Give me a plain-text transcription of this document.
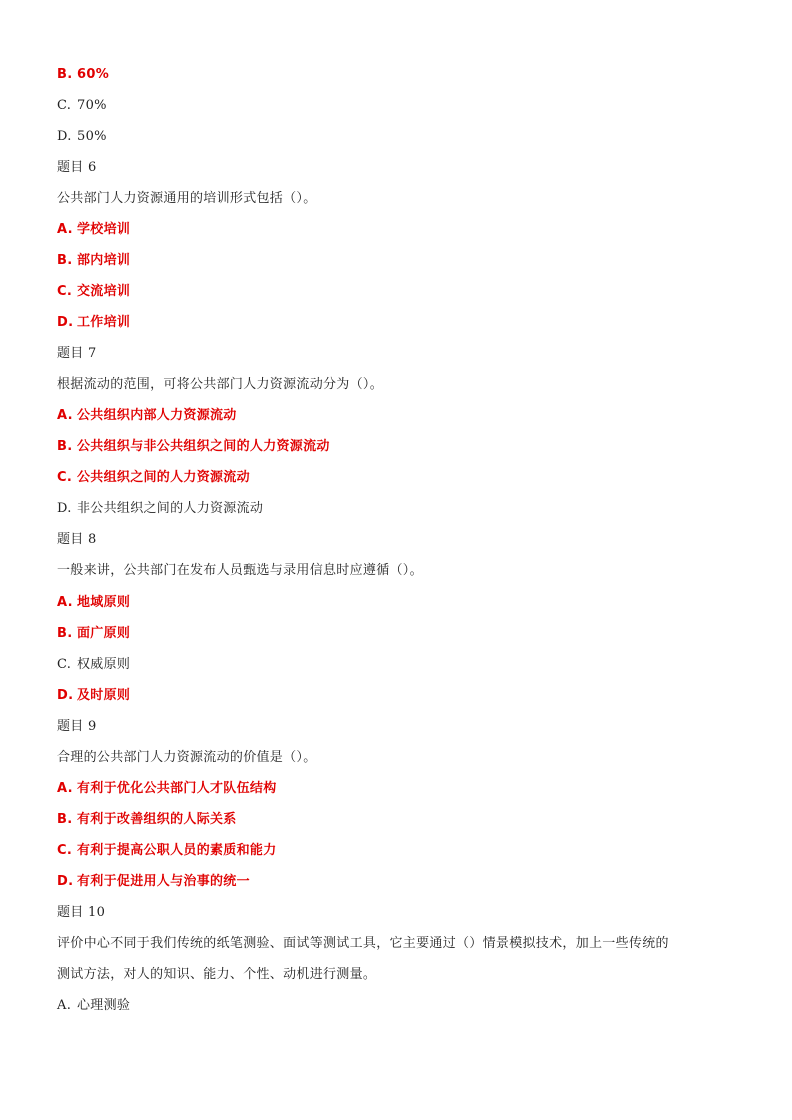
B. 60%
C. 70%
D. 50%
题目 6
公共部门人力资源通用的培训形式包括（）。
A. 学校培训
B. 部内培训
C. 交流培训
D. 工作培训
题目 7
根据流动的范围，可将公共部门人力资源流动分为（）。
A. 公共组织内部人力资源流动
B. 公共组织与非公共组织之间的人力资源流动
C. 公共组织之间的人力资源流动
D. 非公共组织之间的人力资源流动
题目 8
一般来讲，公共部门在发布人员甄选与录用信息时应遵循（）。
A. 地域原则
B. 面广原则
C. 权威原则
D. 及时原则
题目 9
合理的公共部门人力资源流动的价值是（）。
A. 有利于优化公共部门人才队伍结构
B. 有利于改善组织的人际关系
C. 有利于提高公职人员的素质和能力
D. 有利于促进用人与治事的统一
题目 10
评价中心不同于我们传统的纸笔测验、面试等测试工具，它主要通过（）情景模拟技术，加上一些传统的
测试方法，对人的知识、能力、个性、动机进行测量。
A. 心理测验
